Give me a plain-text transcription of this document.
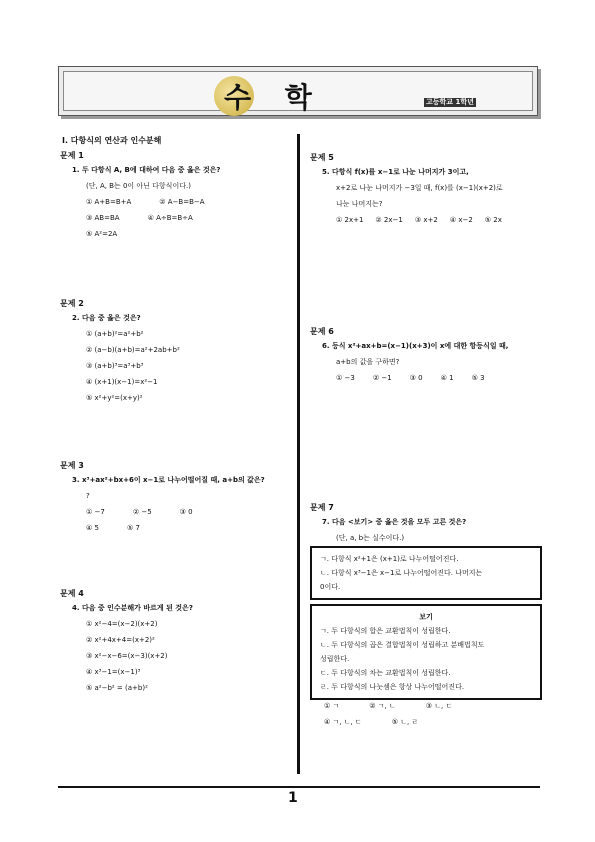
수 학	고등학교 1학년
Ⅰ. 다항식의 연산과 인수분해
문제 1
1. 두 다항식 A, B에 대하여 다음 중 옳은 것은?
(단, A, B는 0이 아닌 다항식이다.)
① A+B=B+A	② A−B=B−A
③ AB=BA	④ A÷B=B÷A
⑤ A²=2A
문제 2
2. 다음 중 옳은 것은?
① (a+b)²=a²+b²
② (a−b)(a+b)=a²+2ab+b²
③ (a+b)³=a³+b³
④ (x+1)(x−1)=x²−1
⑤ x²+y²=(x+y)²
문제 3
3. x³+ax²+bx+6이 x−1로 나누어떨어질 때, a+b의 값은?
?
① −7	② −5	③ 0
④ 5	⑤ 7
문제 4
4. 다음 중 인수분해가 바르게 된 것은?
① x²−4=(x−2)(x+2)
② x²+4x+4=(x+2)²
③ x²−x−6=(x−3)(x+2)
④ x³−1=(x−1)³
⑤ a²−b² = (a+b)²
문제 5
5. 다항식 f(x)를 x−1로 나눈 나머지가 3이고,
x+2로 나눈 나머지가 −3일 때, f(x)를 (x−1)(x+2)로
나눈 나머지는?
① 2x+1 ② 2x−1 ③ x+2 ④ x−2 ⑤ 2x
문제 6
6. 등식 x²+ax+b=(x−1)(x+3)이 x에 대한 항등식일 때,
a+b의 값을 구하면?
① −3	② −1	③ 0	④ 1	⑤ 3
문제 7
7. 다음 <보기> 중 옳은 것을 모두 고른 것은?
(단, a, b는 실수이다.)
ㄱ. 다항식 x²+1은 (x+1)로 나누어떨어진다.
ㄴ. 다항식 x³−1은 x−1로 나누어떨어진다. 나머지는
0이다.
보기
ㄱ. 두 다항식의 합은 교환법칙이 성립한다.
ㄴ. 두 다항식의 곱은 결합법칙이 성립하고 분배법칙도
성립한다.
ㄷ. 두 다항식의 차는 교환법칙이 성립한다.
ㄹ. 두 다항식의 나눗셈은 항상 나누어떨어진다.
① ㄱ	② ㄱ, ㄴ	③ ㄴ, ㄷ
④ ㄱ, ㄴ, ㄷ	⑤ ㄴ, ㄹ
1
